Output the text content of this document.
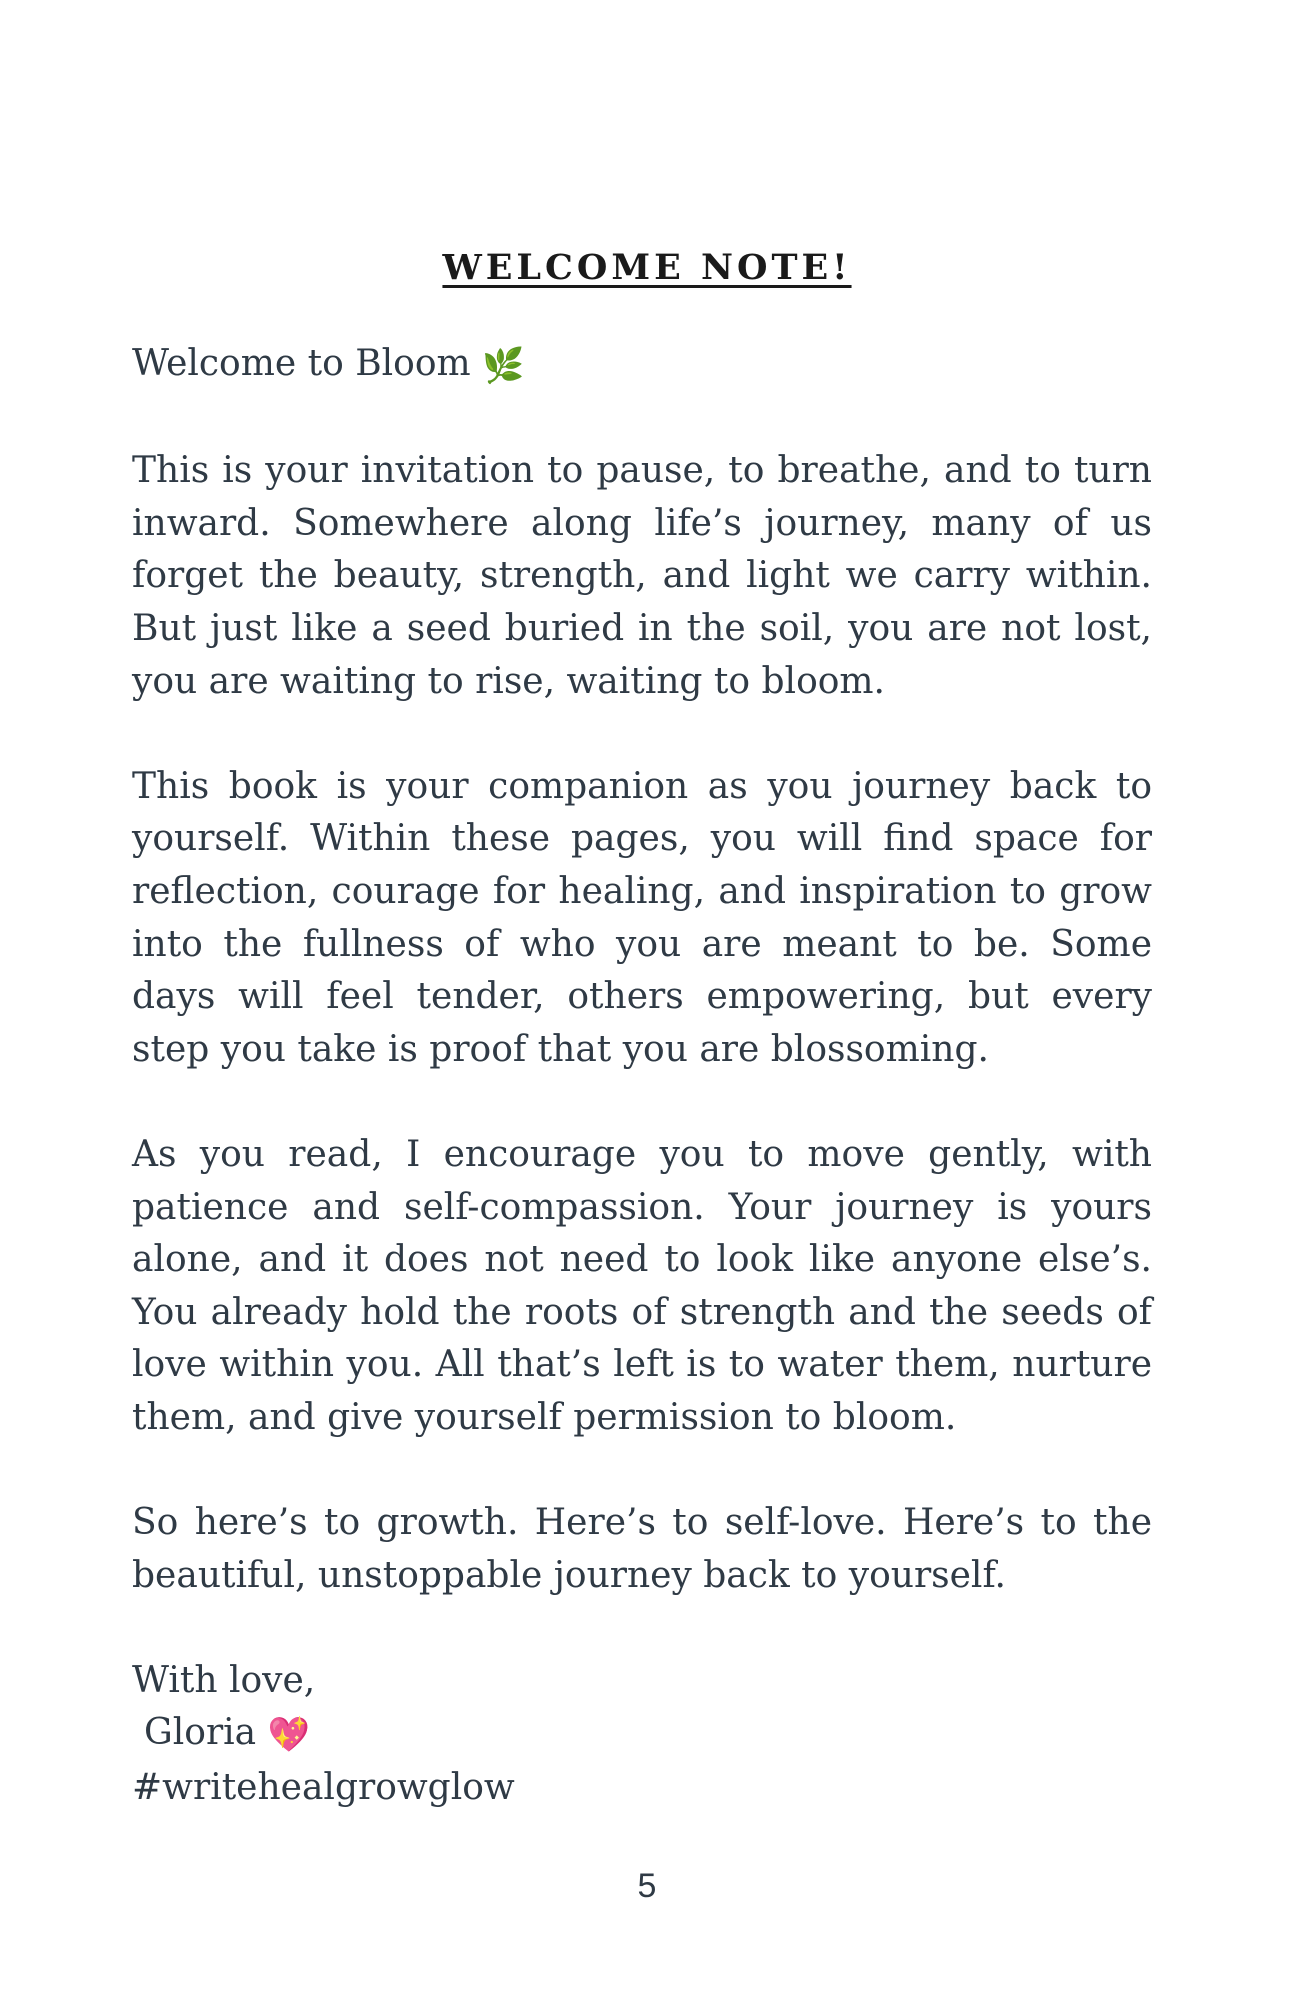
WELCOME NOTE!

Welcome to Bloom 🌿

This is your invitation to pause, to breathe, and to turn inward. Somewhere along life’s journey, many of us forget the beauty, strength, and light we carry within. But just like a seed buried in the soil, you are not lost, you are waiting to rise, waiting to bloom.

This book is your companion as you journey back to yourself. Within these pages, you will find space for reflection, courage for healing, and inspiration to grow into the fullness of who you are meant to be. Some days will feel tender, others empowering, but every step you take is proof that you are blossoming.

As you read, I encourage you to move gently, with patience and self-compassion. Your journey is yours alone, and it does not need to look like anyone else’s. You already hold the roots of strength and the seeds of love within you. All that’s left is to water them, nurture them, and give yourself permission to bloom.

So here’s to growth. Here’s to self-love. Here’s to the beautiful, unstoppable journey back to yourself.

With love,

Gloria 💖

#writehealgrowglow

5
